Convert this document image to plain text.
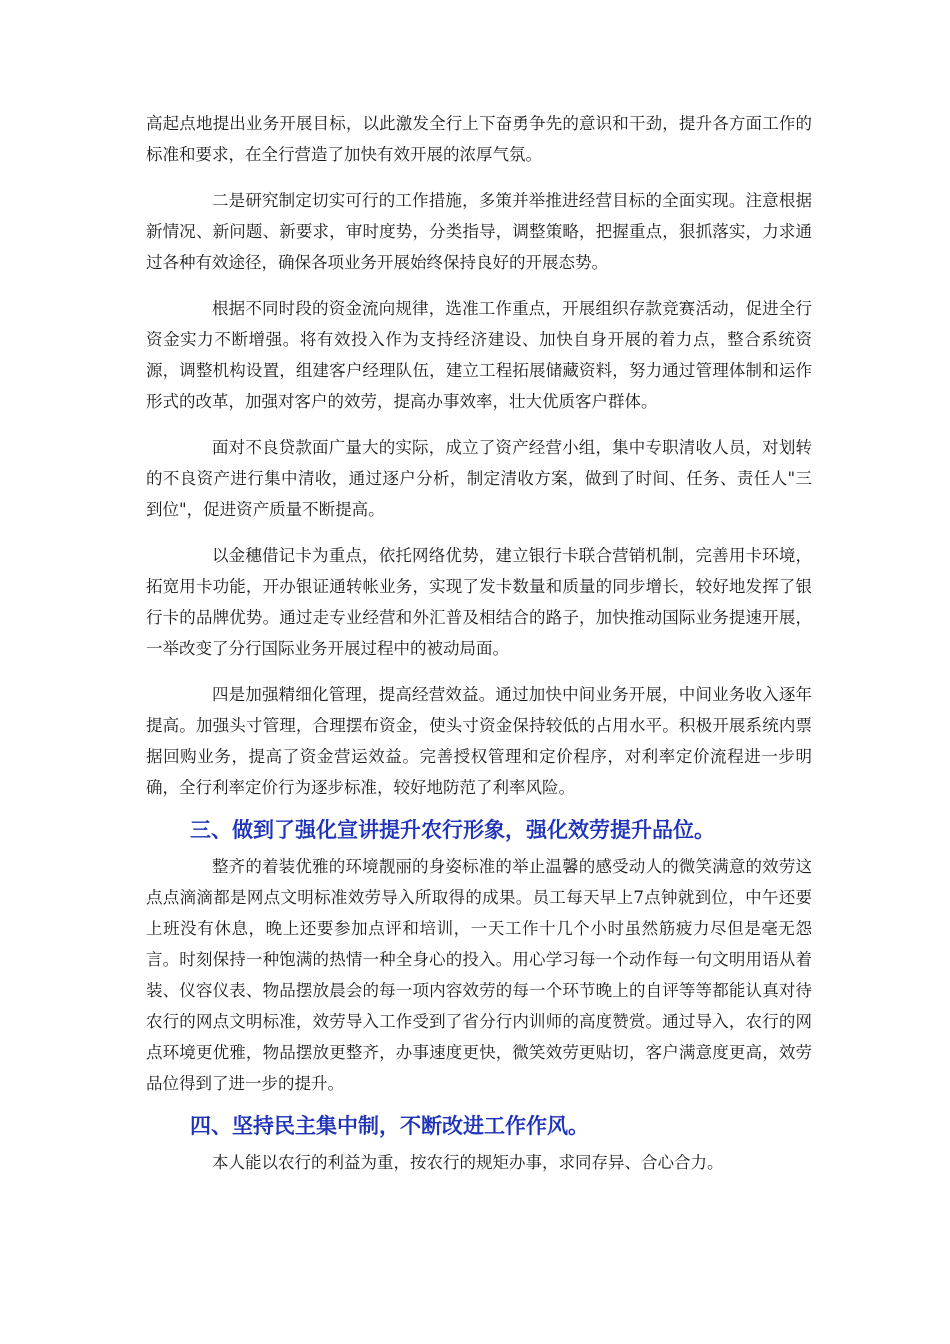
高起点地提出业务开展目标，以此激发全行上下奋勇争先的意识和干劲，提升各方面工作的标准和要求，在全行营造了加快有效开展的浓厚气氛。

二是研究制定切实可行的工作措施，多策并举推进经营目标的全面实现。注意根据新情况、新问题、新要求，审时度势，分类指导，调整策略，把握重点，狠抓落实，力求通过各种有效途径，确保各项业务开展始终保持良好的开展态势。

根据不同时段的资金流向规律，选准工作重点，开展组织存款竞赛活动，促进全行资金实力不断增强。将有效投入作为支持经济建设、加快自身开展的着力点，整合系统资源，调整机构设置，组建客户经理队伍，建立工程拓展储藏资料，努力通过管理体制和运作形式的改革，加强对客户的效劳，提高办事效率，壮大优质客户群体。

面对不良贷款面广量大的实际，成立了资产经营小组，集中专职清收人员，对划转的不良资产进行集中清收，通过逐户分析，制定清收方案，做到了时间、任务、责任人"三到位"，促进资产质量不断提高。

以金穗借记卡为重点，依托网络优势，建立银行卡联合营销机制，完善用卡环境，拓宽用卡功能，开办银证通转帐业务，实现了发卡数量和质量的同步增长，较好地发挥了银行卡的品牌优势。通过走专业经营和外汇普及相结合的路子，加快推动国际业务提速开展，一举改变了分行国际业务开展过程中的被动局面。

四是加强精细化管理，提高经营效益。通过加快中间业务开展，中间业务收入逐年提高。加强头寸管理，合理摆布资金，使头寸资金保持较低的占用水平。积极开展系统内票据回购业务，提高了资金营运效益。完善授权管理和定价程序，对利率定价流程进一步明确，全行利率定价行为逐步标准，较好地防范了利率风险。

三、做到了强化宣讲提升农行形象，强化效劳提升品位。

整齐的着装优雅的环境靓丽的身姿标准的举止温馨的感受动人的微笑满意的效劳这点点滴滴都是网点文明标准效劳导入所取得的成果。员工每天早上7点钟就到位，中午还要上班没有休息，晚上还要参加点评和培训，一天工作十几个小时虽然筋疲力尽但是毫无怨言。时刻保持一种饱满的热情一种全身心的投入。用心学习每一个动作每一句文明用语从着装、仪容仪表、物品摆放晨会的每一项内容效劳的每一个环节晚上的自评等等都能认真对待农行的网点文明标准，效劳导入工作受到了省分行内训师的高度赞赏。通过导入，农行的网点环境更优雅，物品摆放更整齐，办事速度更快，微笑效劳更贴切，客户满意度更高，效劳品位得到了进一步的提升。

四、坚持民主集中制，不断改进工作作风。

本人能以农行的利益为重，按农行的规矩办事，求同存异、合心合力。
